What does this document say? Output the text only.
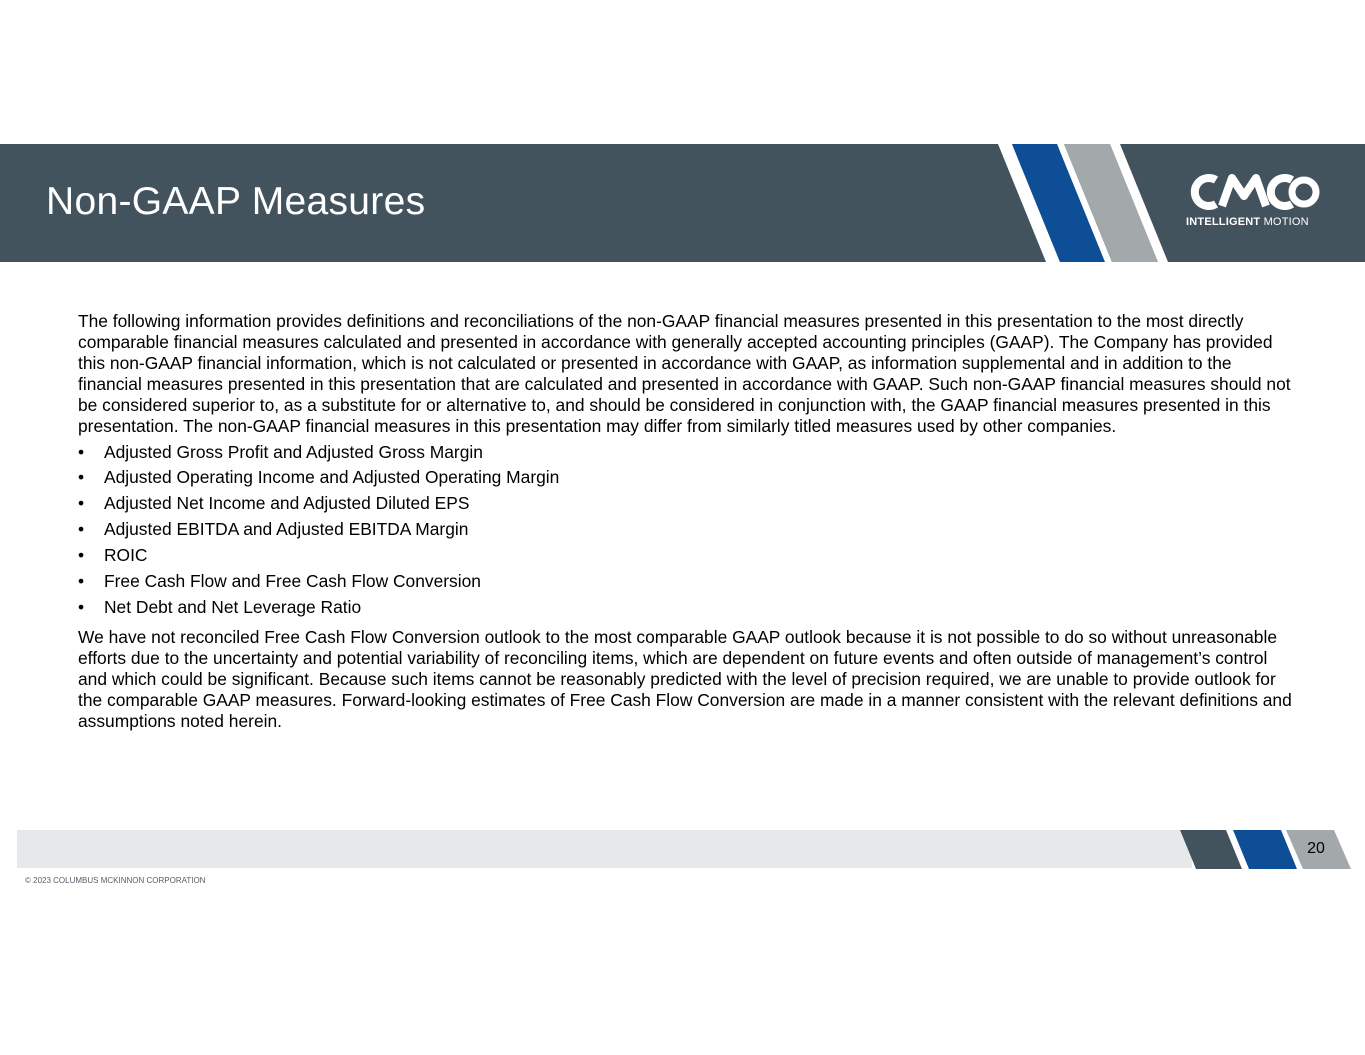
Non-GAAP Measures	INTELLIGENT MOTION

The following information provides definitions and reconciliations of the non-GAAP financial measures presented in this presentation to the most directly comparable financial measures calculated and presented in accordance with generally accepted accounting principles (GAAP). The Company has provided this non-GAAP financial information, which is not calculated or presented in accordance with GAAP, as information supplemental and in addition to the financial measures presented in this presentation that are calculated and presented in accordance with GAAP. Such non-GAAP financial measures should not be considered superior to, as a substitute for or alternative to, and should be considered in conjunction with, the GAAP financial measures presented in this presentation. The non-GAAP financial measures in this presentation may differ from similarly titled measures used by other companies.

• Adjusted Gross Profit and Adjusted Gross Margin
• Adjusted Operating Income and Adjusted Operating Margin
• Adjusted Net Income and Adjusted Diluted EPS
• Adjusted EBITDA and Adjusted EBITDA Margin
• ROIC
• Free Cash Flow and Free Cash Flow Conversion
• Net Debt and Net Leverage Ratio

We have not reconciled Free Cash Flow Conversion outlook to the most comparable GAAP outlook because it is not possible to do so without unreasonable efforts due to the uncertainty and potential variability of reconciling items, which are dependent on future events and often outside of management’s control and which could be significant. Because such items cannot be reasonably predicted with the level of precision required, we are unable to provide outlook for the comparable GAAP measures. Forward-looking estimates of Free Cash Flow Conversion are made in a manner consistent with the relevant definitions and assumptions noted herein.

20
© 2023 COLUMBUS MCKINNON CORPORATION
